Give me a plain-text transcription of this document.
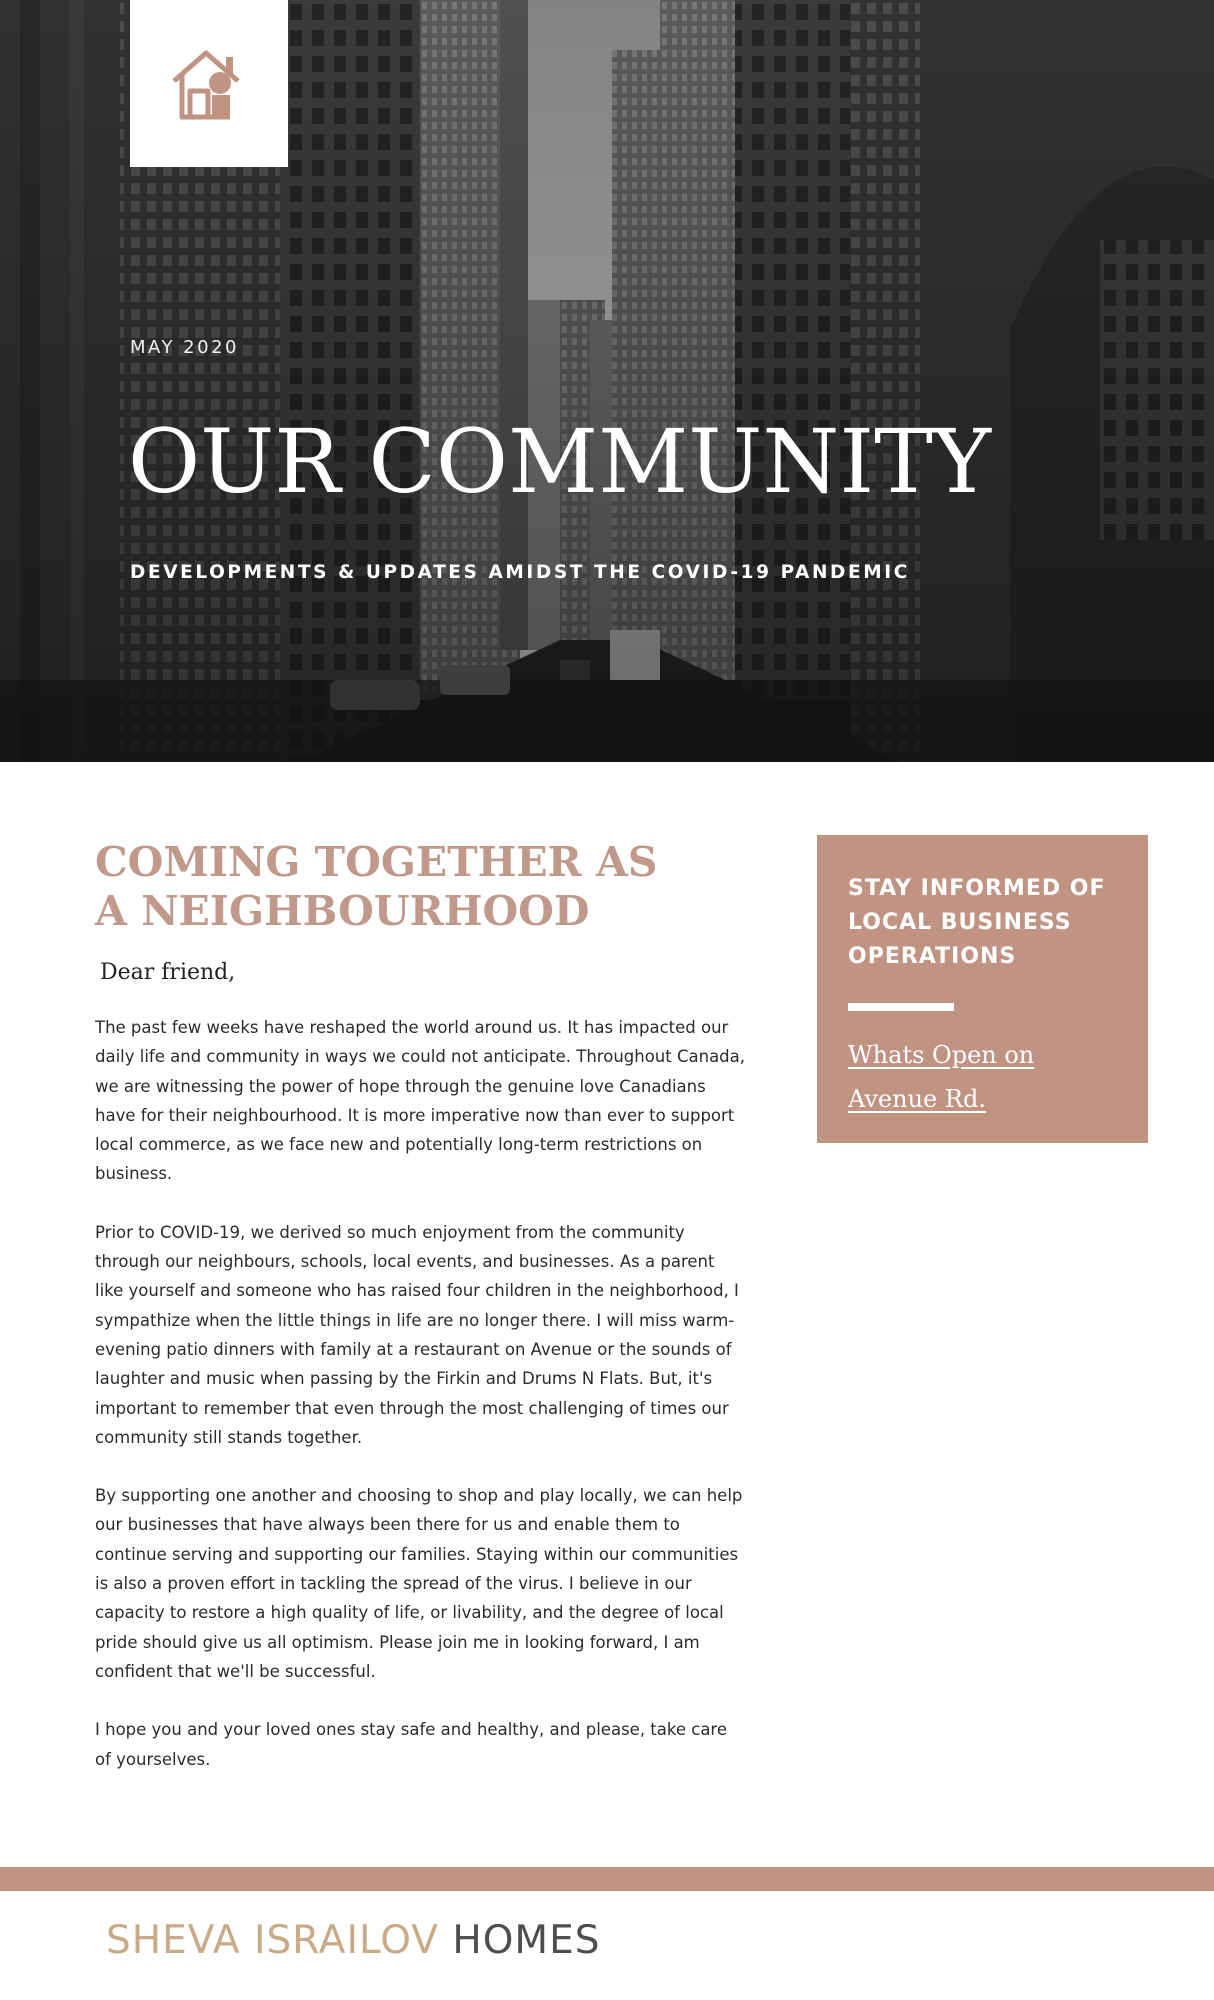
MAY 2020
OUR COMMUNITY
DEVELOPMENTS & UPDATES AMIDST THE COVID-19 PANDEMIC
COMING TOGETHER AS A NEIGHBOURHOOD
Dear friend,

The past few weeks have reshaped the world around us. It has impacted our daily life and community in ways we could not anticipate. Throughout Canada, we are witnessing the power of hope through the genuine love Canadians have for their neighbourhood. It is more imperative now than ever to support local commerce, as we face new and potentially long-term restrictions on business.

Prior to COVID-19, we derived so much enjoyment from the community through our neighbours, schools, local events, and businesses. As a parent like yourself and someone who has raised four children in the neighborhood, I sympathize when the little things in life are no longer there. I will miss warm-evening patio dinners with family at a restaurant on Avenue or the sounds of laughter and music when passing by the Firkin and Drums N Flats. But, it's important to remember that even through the most challenging of times our community still stands together.

By supporting one another and choosing to shop and play locally, we can help our businesses that have always been there for us and enable them to continue serving and supporting our families. Staying within our communities is also a proven effort in tackling the spread of the virus. I believe in our capacity to restore a high quality of life, or livability, and the degree of local pride should give us all optimism. Please join me in looking forward, I am confident that we'll be successful.

I hope you and your loved ones stay safe and healthy, and please, take care of yourselves.

STAY INFORMED OF LOCAL BUSINESS OPERATIONS
Whats Open on Avenue Rd.
SHEVA ISRAILOV HOMES
